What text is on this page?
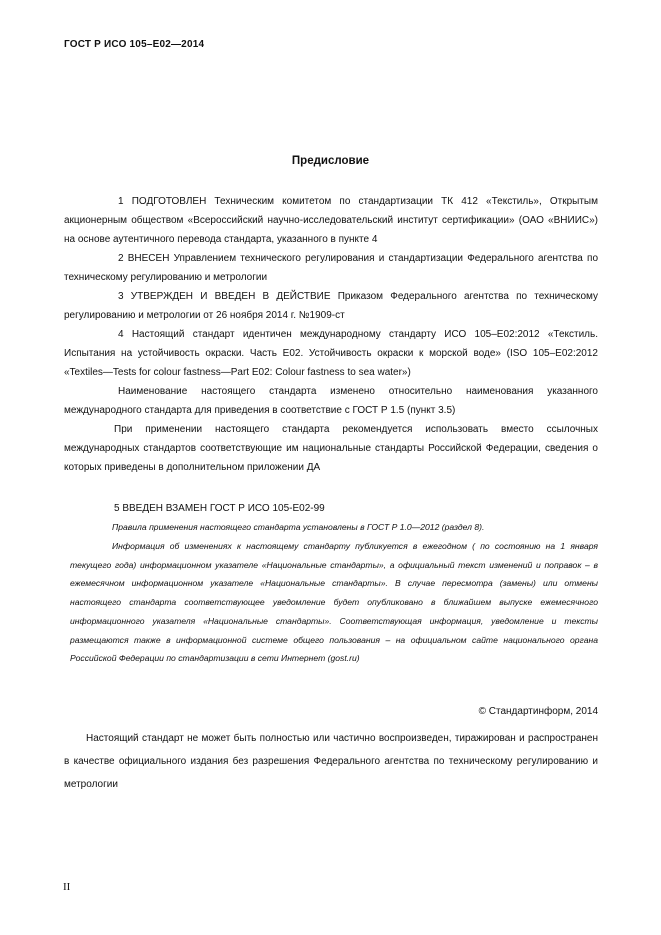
ГОСТ Р ИСО 105–Е02—2014
Предисловие

1 ПОДГОТОВЛЕН Техническим комитетом по стандартизации ТК 412 «Текстиль», Открытым акционерным обществом «Всероссийский научно-исследовательский институт сертификации» (ОАО «ВНИИС») на основе аутентичного перевода стандарта, указанного в пункте 4

2 ВНЕСЕН Управлением технического регулирования и стандартизации Федерального агентства по техническому регулированию и метрологии

3 УТВЕРЖДЕН И ВВЕДЕН В ДЕЙСТВИЕ Приказом Федерального агентства по техническому регулированию и метрологии от 26 ноября 2014 г. №1909-ст

4 Настоящий стандарт идентичен международному стандарту ИСО 105–Е02:2012 «Текстиль. Испытания на устойчивость окраски. Часть Е02. Устойчивость окраски к морской воде» (ISO 105–E02:2012 «Textiles—Tests for colour fastness—Part E02: Colour fastness to sea water»)

Наименование настоящего стандарта изменено относительно наименования указанного международного стандарта для приведения в соответствие с ГОСТ Р 1.5 (пункт 3.5)

При применении настоящего стандарта рекомендуется использовать вместо ссылочных международных стандартов соответствующие им национальные стандарты Российской Федерации, сведения о которых приведены в дополнительном приложении ДА

5 ВВЕДЕН ВЗАМЕН ГОСТ Р ИСО 105-Е02-99

Правила применения настоящего стандарта установлены в ГОСТ Р 1.0—2012 (раздел 8).

Информация об изменениях к настоящему стандарту публикуется в ежегодном ( по состоянию на 1 января текущего года) информационном указателе «Национальные стандарты», а официальный текст изменений и поправок – в ежемесячном информационном указателе «Национальные стандарты». В случае пересмотра (замены) или отмены настоящего стандарта соответствующее уведомление будет опубликовано в ближайшем выпуске ежемесячного информационного указателя «Национальные стандарты». Соответствующая информация, уведомление и тексты размещаются также в информационной системе общего пользования – на официальном сайте национального органа Российской Федерации по стандартизации в сети Интернет (gost.ru)

© Стандартинформ, 2014

Настоящий стандарт не может быть полностью или частично воспроизведен, тиражирован и распространен в качестве официального издания без разрешения Федерального агентства по техническому регулированию и метрологии

II
